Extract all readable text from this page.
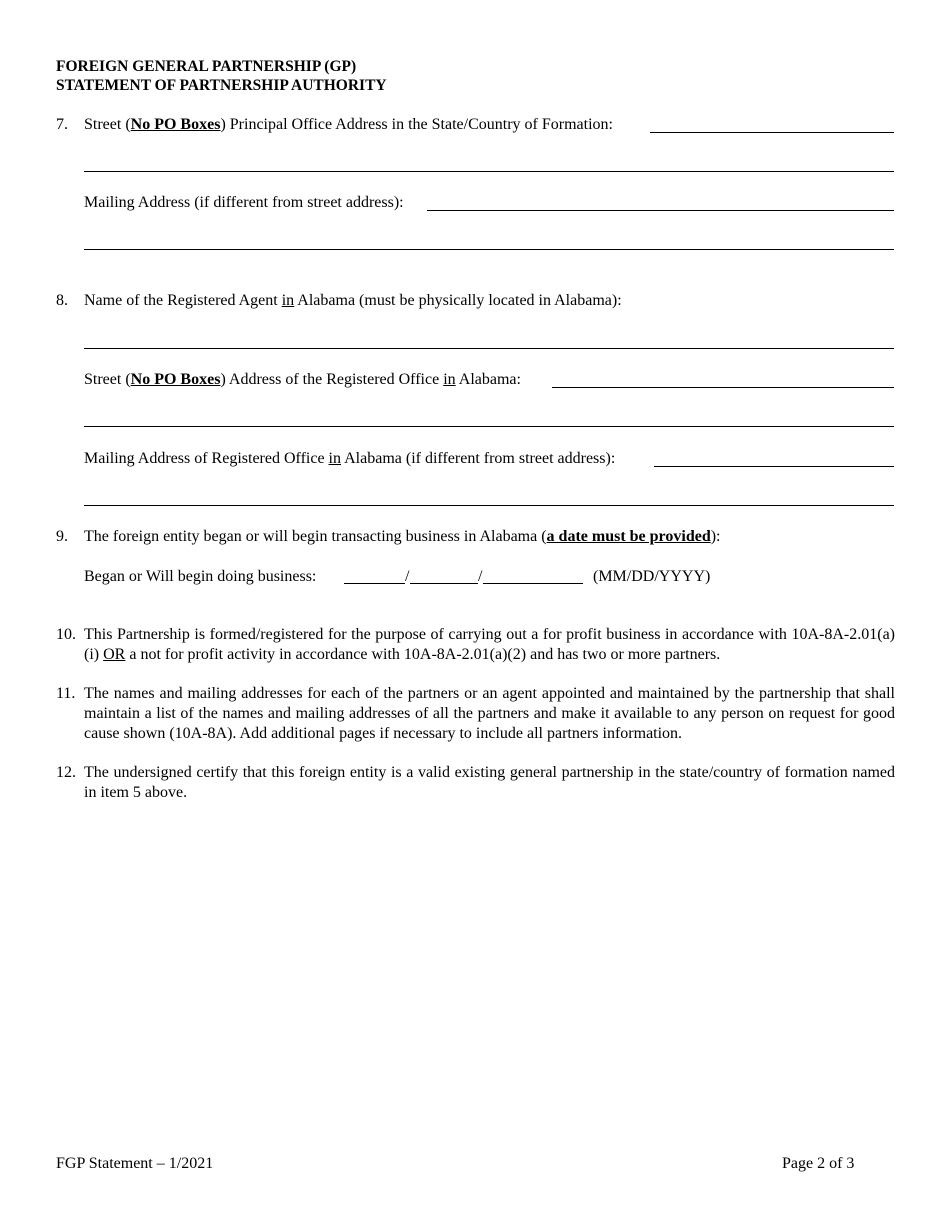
FOREIGN GENERAL PARTNERSHIP (GP)
STATEMENT OF PARTNERSHIP AUTHORITY
7. Street (No PO Boxes) Principal Office Address in the State/Country of Formation:
Mailing Address (if different from street address):
8. Name of the Registered Agent in Alabama (must be physically located in Alabama):
Street (No PO Boxes) Address of the Registered Office in Alabama:
Mailing Address of Registered Office in Alabama (if different from street address):
9. The foreign entity began or will begin transacting business in Alabama (a date must be provided):
Began or Will begin doing business:	/	/	(MM/DD/YYYY)
10. This Partnership is formed/registered for the purpose of carrying out a for profit business in accordance with 10A-8A-2.01(a)(i) OR a not for profit activity in accordance with 10A-8A-2.01(a)(2) and has two or more partners.
11. The names and mailing addresses for each of the partners or an agent appointed and maintained by the partnership that shall maintain a list of the names and mailing addresses of all the partners and make it available to any person on request for good cause shown (10A-8A). Add additional pages if necessary to include all partners information.
12. The undersigned certify that this foreign entity is a valid existing general partnership in the state/country of formation named in item 5 above.
FGP Statement – 1/2021	Page 2 of 3
